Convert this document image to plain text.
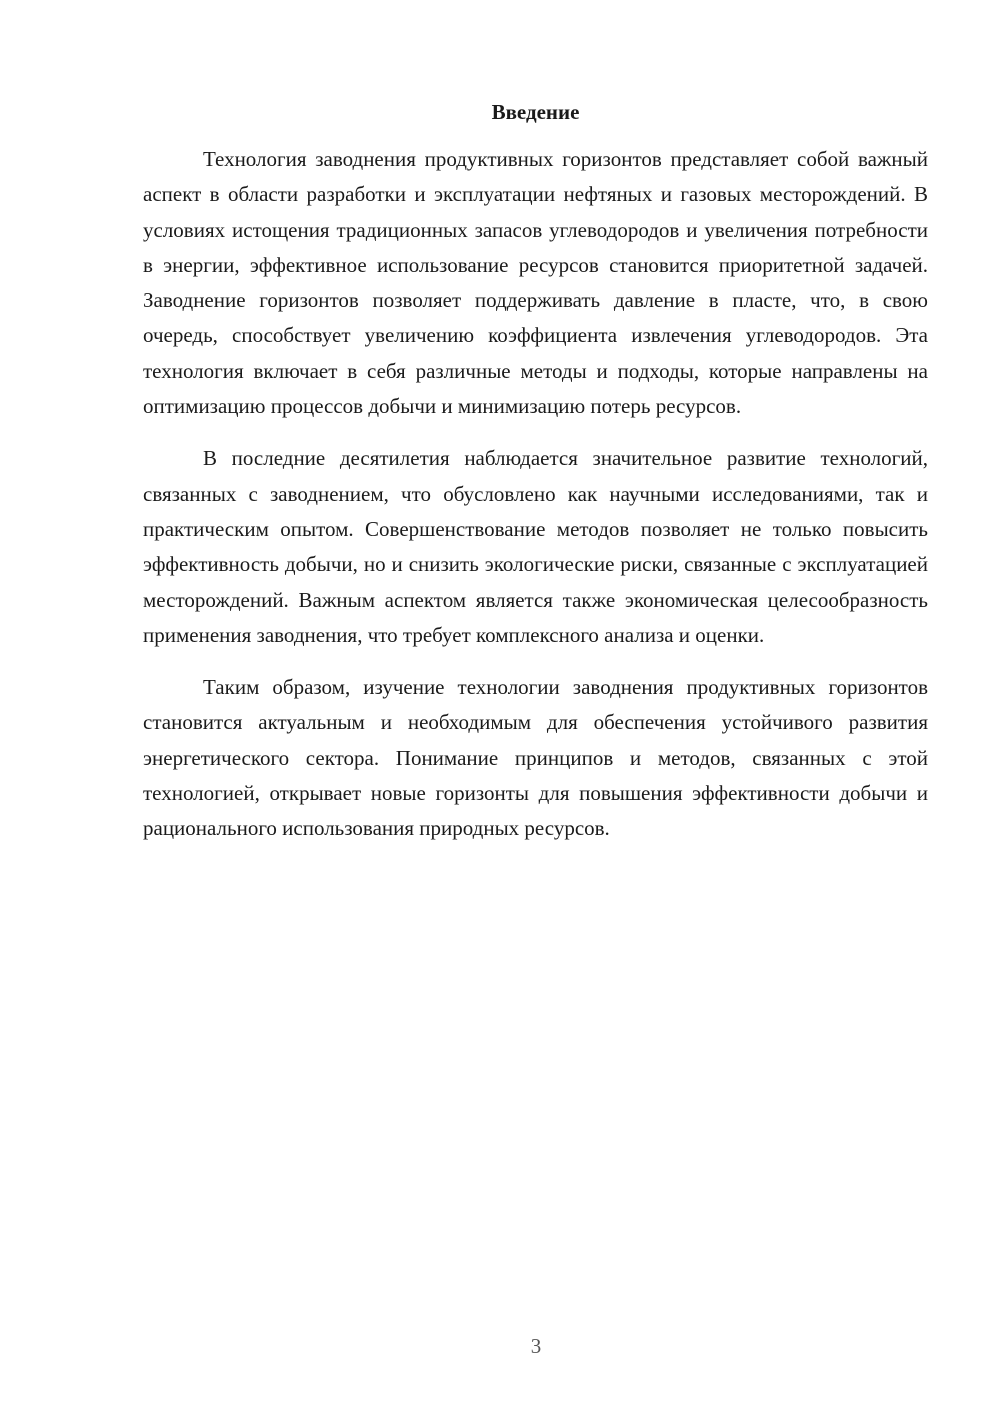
Введение

Технология заводнения продуктивных горизонтов представляет собой важный аспект в области разработки и эксплуатации нефтяных и газовых месторождений. В условиях истощения традиционных запасов углеводородов и увеличения потребности в энергии, эффективное использование ресурсов становится приоритетной задачей. Заводнение горизонтов позволяет поддерживать давление в пласте, что, в свою очередь, способствует увеличению коэффициента извлечения углеводородов. Эта технология включает в себя различные методы и подходы, которые направлены на оптимизацию процессов добычи и минимизацию потерь ресурсов.

В последние десятилетия наблюдается значительное развитие технологий, связанных с заводнением, что обусловлено как научными исследованиями, так и практическим опытом. Совершенствование методов позволяет не только повысить эффективность добычи, но и снизить экологические риски, связанные с эксплуатацией месторождений. Важным аспектом является также экономическая целесообразность применения заводнения, что требует комплексного анализа и оценки.

Таким образом, изучение технологии заводнения продуктивных горизонтов становится актуальным и необходимым для обеспечения устойчивого развития энергетического сектора. Понимание принципов и методов, связанных с этой технологией, открывает новые горизонты для повышения эффективности добычи и рационального использования природных ресурсов.

3
